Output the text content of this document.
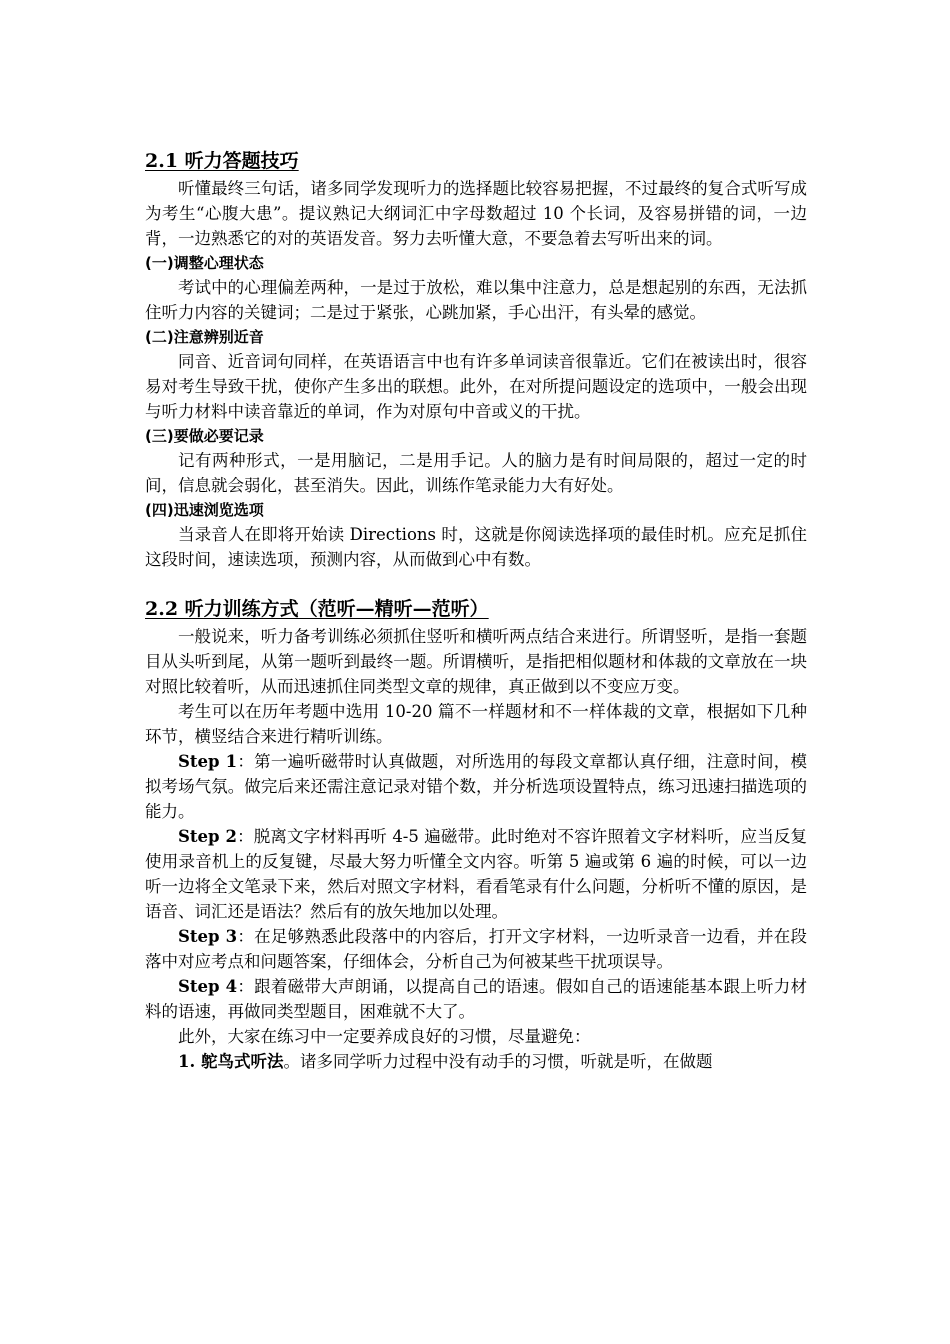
2.1 听力答题技巧

听懂最终三句话，诸多同学发现听力的选择题比较容易把握，不过最终的复合式听写成为考生“心腹大患”。提议熟记大纲词汇中字母数超过 10 个长词，及容易拼错的词，一边背，一边熟悉它的对的英语发音。努力去听懂大意，不要急着去写听出来的词。

(一)调整心理状态

考试中的心理偏差两种，一是过于放松，难以集中注意力，总是想起别的东西，无法抓住听力内容的关键词；二是过于紧张，心跳加紧，手心出汗，有头晕的感觉。

(二)注意辨别近音

同音、近音词句同样，在英语语言中也有许多单词读音很靠近。它们在被读出时，很容易对考生导致干扰，使你产生多出的联想。此外，在对所提问题设定的选项中，一般会出现与听力材料中读音靠近的单词，作为对原句中音或义的干扰。

(三)要做必要记录

记有两种形式，一是用脑记，二是用手记。人的脑力是有时间局限的，超过一定的时间，信息就会弱化，甚至消失。因此，训练作笔录能力大有好处。

(四)迅速浏览选项

当录音人在即将开始读 Directions 时，这就是你阅读选择项的最佳时机。应充足抓住这段时间，速读选项，预测内容，从而做到心中有数。

2.2 听力训练方式（范听—精听—范听）

一般说来，听力备考训练必须抓住竖听和横听两点结合来进行。所谓竖听，是指一套题目从头听到尾，从第一题听到最终一题。所谓横听，是指把相似题材和体裁的文章放在一块对照比较着听，从而迅速抓住同类型文章的规律，真正做到以不变应万变。

考生可以在历年考题中选用 10-20 篇不一样题材和不一样体裁的文章，根据如下几种环节，横竖结合来进行精听训练。

Step 1：第一遍听磁带时认真做题，对所选用的每段文章都认真仔细，注意时间，模拟考场气氛。做完后来还需注意记录对错个数，并分析选项设置特点，练习迅速扫描选项的能力。

Step 2：脱离文字材料再听 4-5 遍磁带。此时绝对不容许照着文字材料听，应当反复使用录音机上的反复键，尽最大努力听懂全文内容。听第 5 遍或第 6 遍的时候，可以一边听一边将全文笔录下来，然后对照文字材料，看看笔录有什么问题，分析听不懂的原因，是语音、词汇还是语法？然后有的放矢地加以处理。

Step 3：在足够熟悉此段落中的内容后，打开文字材料，一边听录音一边看，并在段落中对应考点和问题答案，仔细体会，分析自己为何被某些干扰项误导。

Step 4：跟着磁带大声朗诵，以提高自己的语速。假如自己的语速能基本跟上听力材料的语速，再做同类型题目，困难就不大了。

此外，大家在练习中一定要养成良好的习惯，尽量避免：

1. 鸵鸟式听法。诸多同学听力过程中没有动手的习惯，听就是听，在做题
